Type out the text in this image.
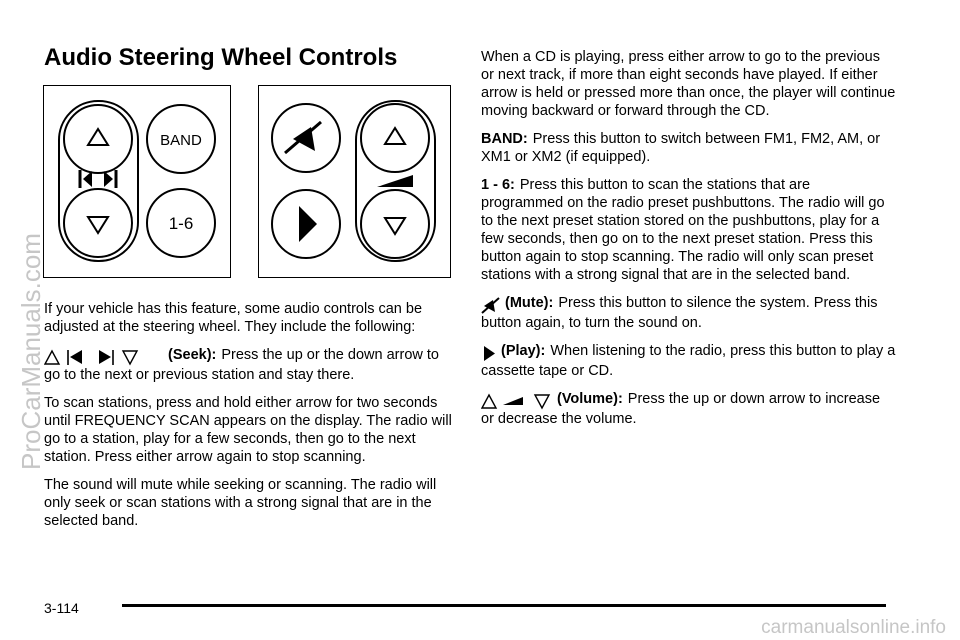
Audio Steering Wheel Controls
BAND
1-6

If your vehicle has this feature, some audio controls can be adjusted at the steering wheel. They include the following:

(Seek): Press the up or the down arrow to go to the next or previous station and stay there.

To scan stations, press and hold either arrow for two seconds until FREQUENCY SCAN appears on the display. The radio will go to a station, play for a few seconds, then go to the next station. Press either arrow again to stop scanning.

The sound will mute while seeking or scanning. The radio will only seek or scan stations with a strong signal that are in the selected band.

When a CD is playing, press either arrow to go to the previous or next track, if more than eight seconds have played. If either arrow is held or pressed more than once, the player will continue moving backward or forward through the CD.

BAND: Press this button to switch between FM1, FM2, AM, or XM1 or XM2 (if equipped).

1 - 6: Press this button to scan the stations that are programmed on the radio preset pushbuttons. The radio will go to the next preset station stored on the pushbuttons, play for a few seconds, then go on to the next preset station. Press this button again to stop scanning. The radio will only scan preset stations with a strong signal that are in the selected band.

(Mute): Press this button to silence the system. Press this button again, to turn the sound on.

(Play): When listening to the radio, press this button to play a cassette tape or CD.

(Volume): Press the up or down arrow to increase or decrease the volume.

3-114
carmanualsonline.info
ProCarManuals.com
